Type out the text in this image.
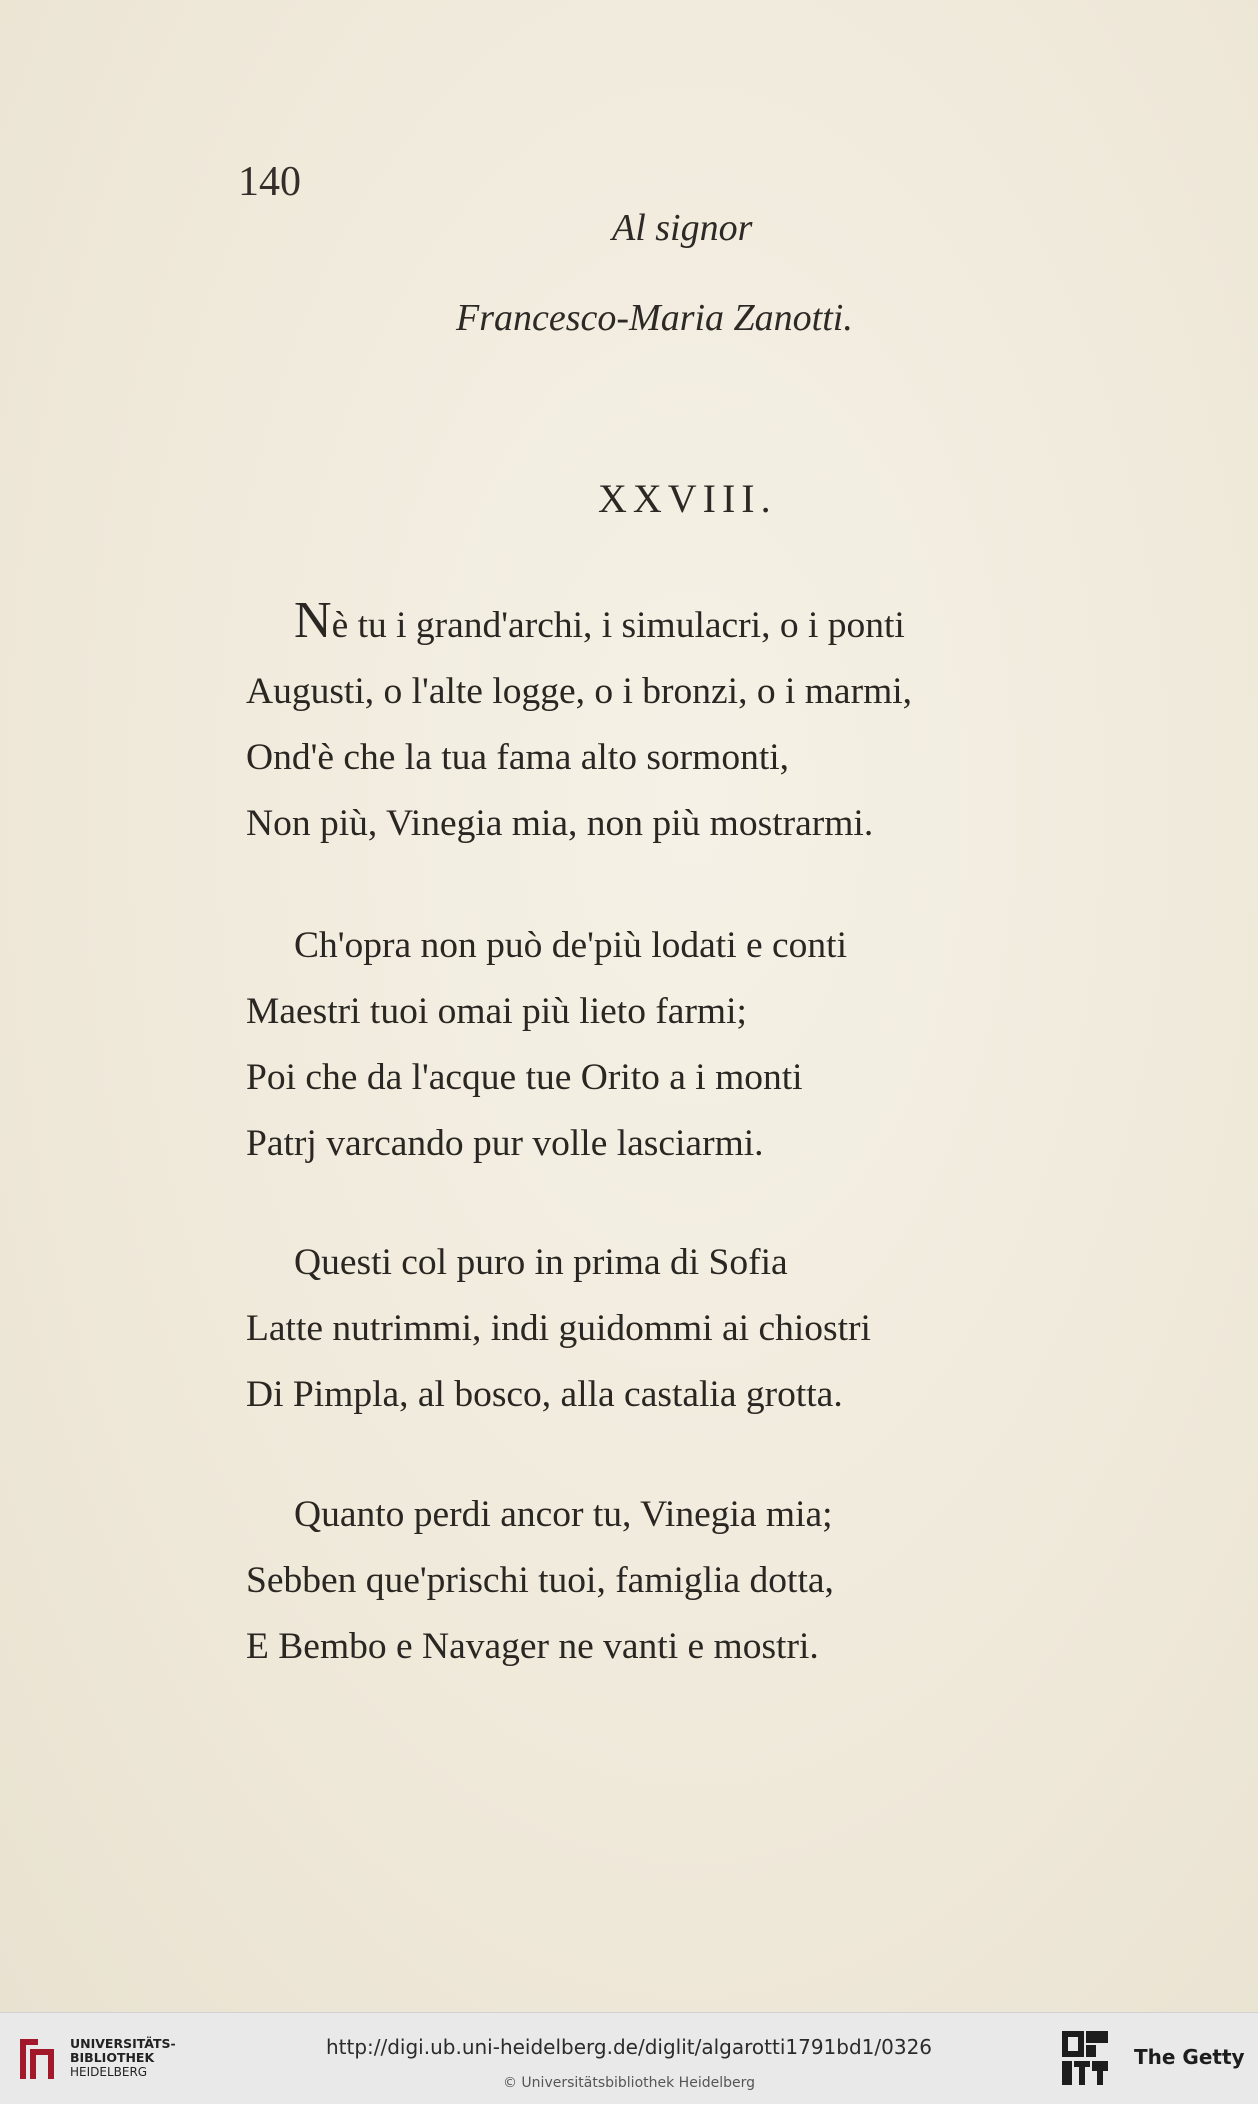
140
Al signor
Francesco-Maria Zanotti.
XXVIII.
Nè tu i grand'archi, i simulacri, o i ponti
Augusti, o l'alte logge, o i bronzi, o i marmi,
Ond'è che la tua fama alto sormonti,
Non più, Vinegia mia, non più mostrarmi.
Ch'opra non può de'più lodati e conti
Maestri tuoi omai più lieto farmi;
Poi che da l'acque tue Orito a i monti
Patrj varcando pur volle lasciarmi.
Questi col puro in prima di Sofia
Latte nutrimmi, indi guidommi ai chiostri
Di Pimpla, al bosco, alla castalia grotta.
Quanto perdi ancor tu, Vinegia mia;
Sebben que'prischi tuoi, famiglia dotta,
E Bembo e Navager ne vanti e mostri.
UNIVERSITÄTS-
BIBLIOTHEK
HEIDELBERG
http://digi.ub.uni-heidelberg.de/diglit/algarotti1791bd1/0326
© Universitätsbibliothek Heidelberg
The Getty
